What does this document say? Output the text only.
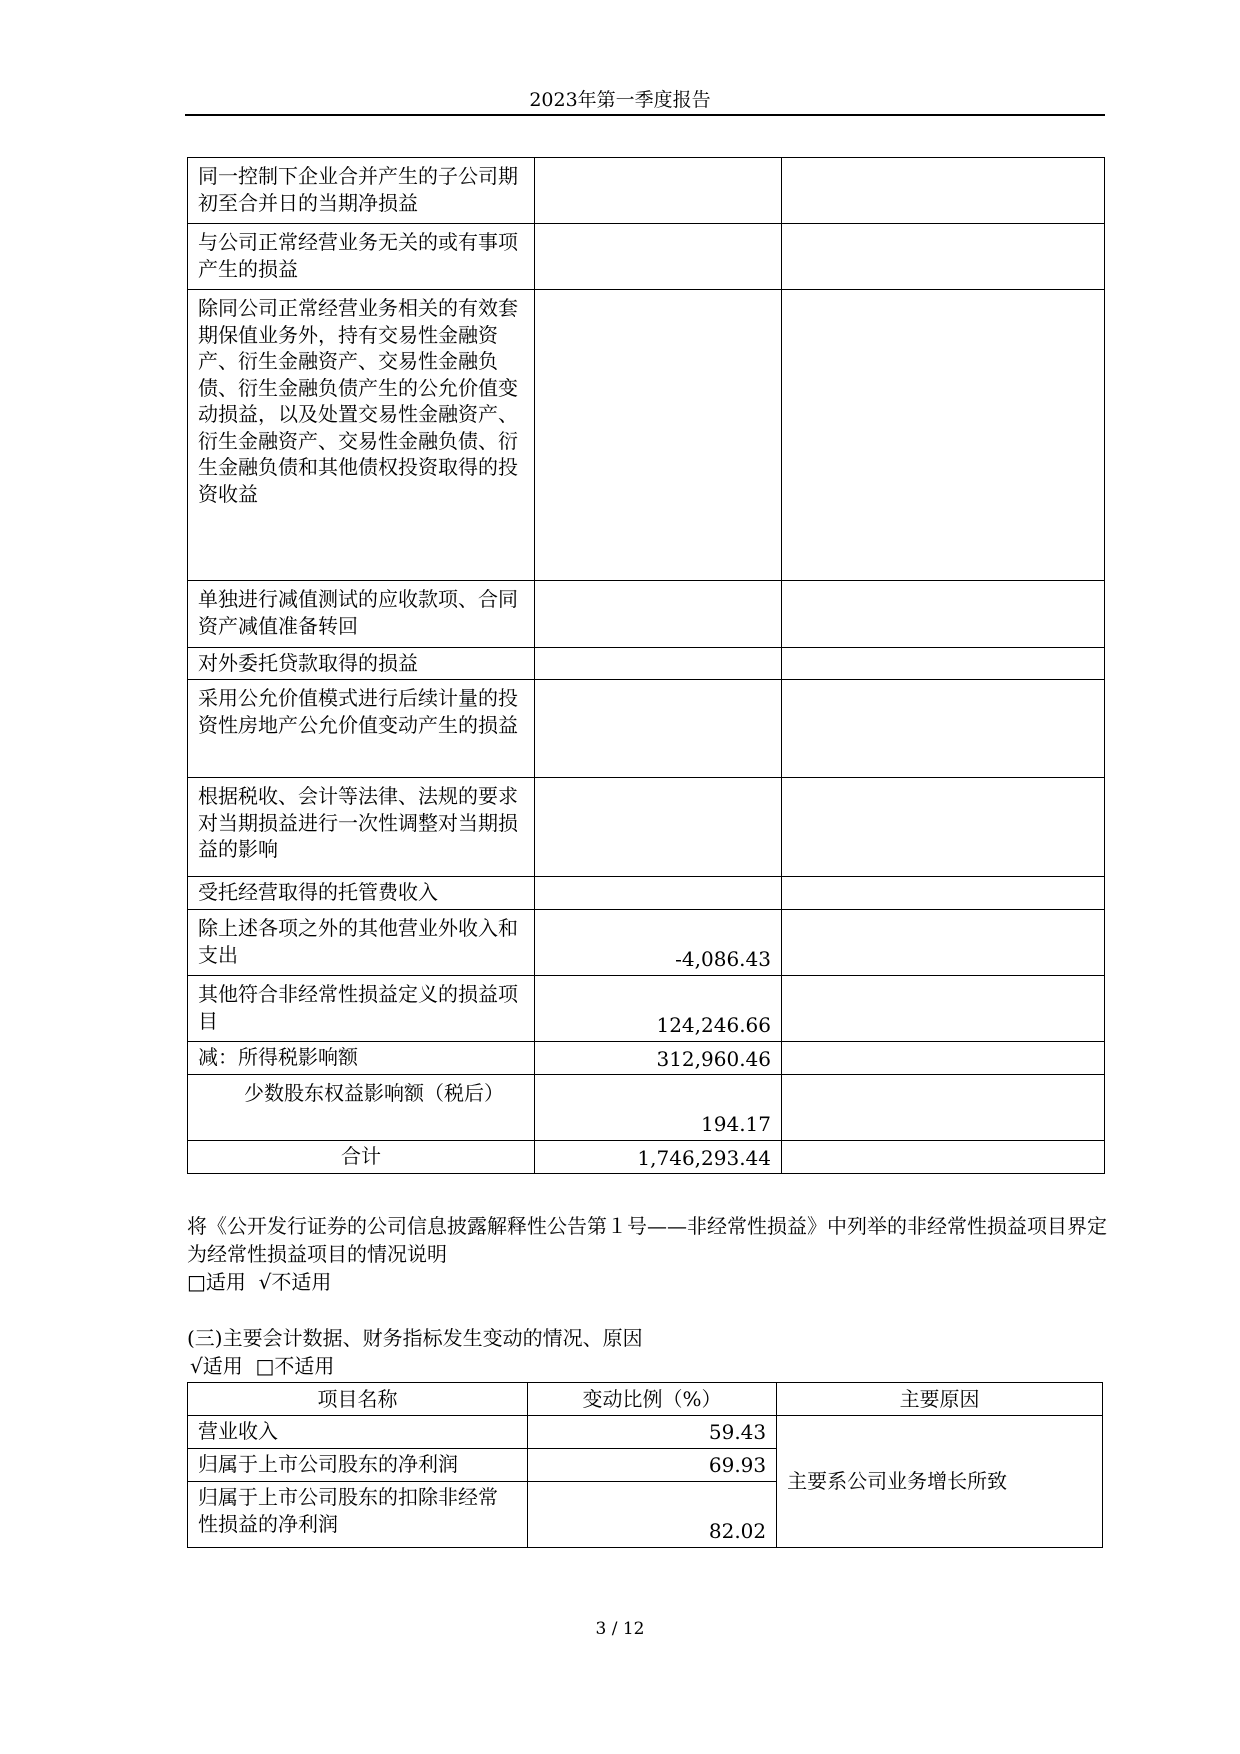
2023年第一季度报告
同一控制下企业合并产生的子公司期初至合并日的当期净损益		
与公司正常经营业务无关的或有事项产生的损益		
除同公司正常经营业务相关的有效套期保值业务外，持有交易性金融资产、衍生金融资产、交易性金融负债、衍生金融负债产生的公允价值变动损益，以及处置交易性金融资产、衍生金融资产、交易性金融负债、衍生金融负债和其他债权投资取得的投资收益		
单独进行减值测试的应收款项、合同资产减值准备转回		
对外委托贷款取得的损益		
采用公允价值模式进行后续计量的投资性房地产公允价值变动产生的损益		
根据税收、会计等法律、法规的要求对当期损益进行一次性调整对当期损益的影响		
受托经营取得的托管费收入		
除上述各项之外的其他营业外收入和支出	-4,086.43	
其他符合非经常性损益定义的损益项目	124,246.66	
减：所得税影响额	312,960.46	
少数股东权益影响额（税后）	194.17	
合计	1,746,293.44	
将《公开发行证券的公司信息披露解释性公告第１号——非经常性损益》中列举的非经常性损益项目界定为经常性损益项目的情况说明
□适用  √不适用
(三)主要会计数据、财务指标发生变动的情况、原因
√适用  □不适用
项目名称	变动比例（%）	主要原因
营业收入	59.43	主要系公司业务增长所致
归属于上市公司股东的净利润	69.93	
归属于上市公司股东的扣除非经常性损益的净利润	82.02	
3 / 12
